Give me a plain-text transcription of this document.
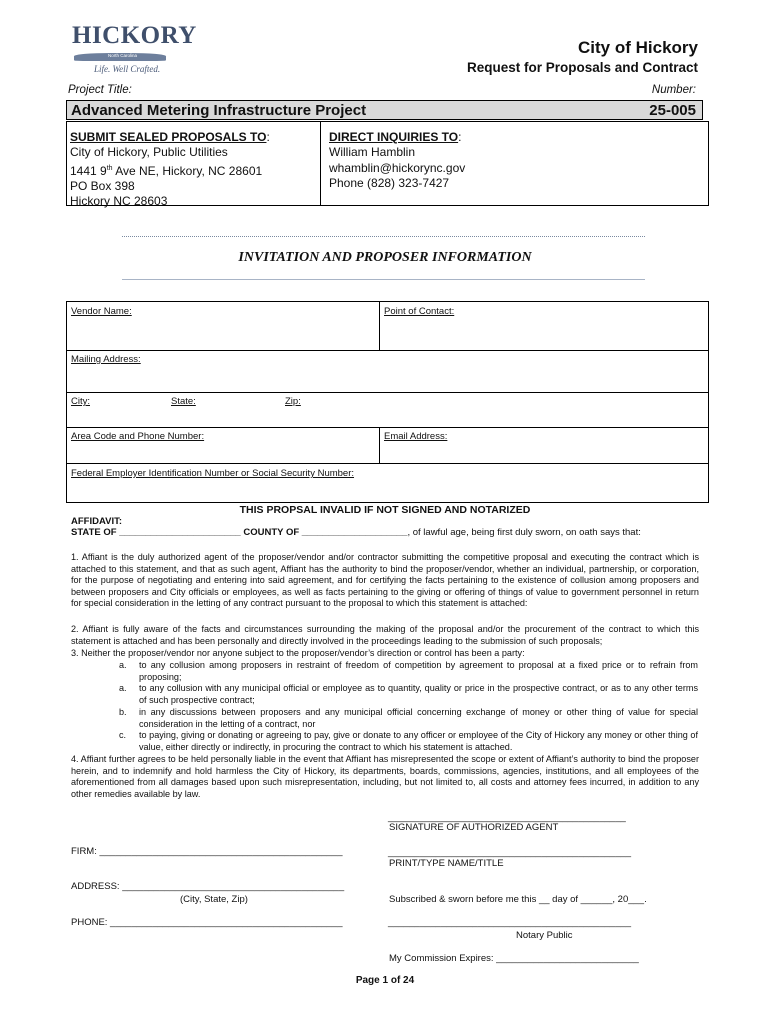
HICKORY
North Carolina
Life. Well Crafted.
City of Hickory
Request for Proposals and Contract
Project Title:	Number:
Advanced Metering Infrastructure Project	25-005
SUBMIT SEALED PROPOSALS TO:
City of Hickory, Public Utilities
1441 9th Ave NE, Hickory, NC 28601
PO Box 398
Hickory NC 28603
DIRECT INQUIRIES TO:
William Hamblin
whamblin@hickorync.gov
Phone (828) 323-7427
INVITATION AND PROPOSER INFORMATION
Vendor Name:	Point of Contact:
Mailing Address:
City:	State:	Zip:
Area Code and Phone Number:	Email Address:
Federal Employer Identification Number or Social Security Number:
THIS PROPSAL INVALID IF NOT SIGNED AND NOTARIZED
AFFIDAVIT:
STATE OF _______________________ COUNTY OF ____________________, of lawful age, being first duly sworn, on oath says that:
1. Affiant is the duly authorized agent of the proposer/vendor and/or contractor submitting the competitive proposal and executing the contract which is attached to this statement, and that as such agent, Affiant has the authority to bind the proposer/vendor, whether an individual, partnership, or corporation, for the purpose of negotiating and entering into said agreement, and for certifying the facts pertaining to the existence of collusion among proposers and between proposers and City officials or employees, as well as facts pertaining to the giving or offering of things of value to government personnel in return for special consideration in the letting of any contract pursuant to the proposal to which this statement is attached:
2. Affiant is fully aware of the facts and circumstances surrounding the making of the proposal and/or the procurement of the contract to which this statement is attached and has been personally and directly involved in the proceedings leading to the submission of such proposals;
3. Neither the proposer/vendor nor anyone subject to the proposer/vendor’s direction or control has been a party:
a. to any collusion among proposers in restraint of freedom of competition by agreement to proposal at a fixed price or to refrain from proposing;
a. to any collusion with any municipal official or employee as to quantity, quality or price in the prospective contract, or as to any other terms of such prospective contract;
b. in any discussions between proposers and any municipal official concerning exchange of money or other thing of value for special consideration in the letting of a contract, nor
c. to paying, giving or donating or agreeing to pay, give or donate to any officer or employee of the City of Hickory any money or other thing of value, either directly or indirectly, in procuring the contract to which his statement is attached.
4. Affiant further agrees to be held personally liable in the event that Affiant has misrepresented the scope or extent of Affiant’s authority to bind the proposer herein, and to indemnify and hold harmless the City of Hickory, its departments, boards, commissions, agencies, institutions, and all employees of the aforementioned from all damages based upon such misrepresentation, including, but not limited to, all costs and attorney fees incurred, in addition to any other remedies available by law.
_____________________________________________
SIGNATURE OF AUTHORIZED AGENT
FIRM: ______________________________________________	______________________________________________
PRINT/TYPE NAME/TITLE
ADDRESS: __________________________________________
(City, State, Zip)	Subscribed & sworn before me this __ day of ______, 20___.
PHONE: ____________________________________________	______________________________________________
Notary Public
My Commission Expires: ___________________________
Page 1 of 24
